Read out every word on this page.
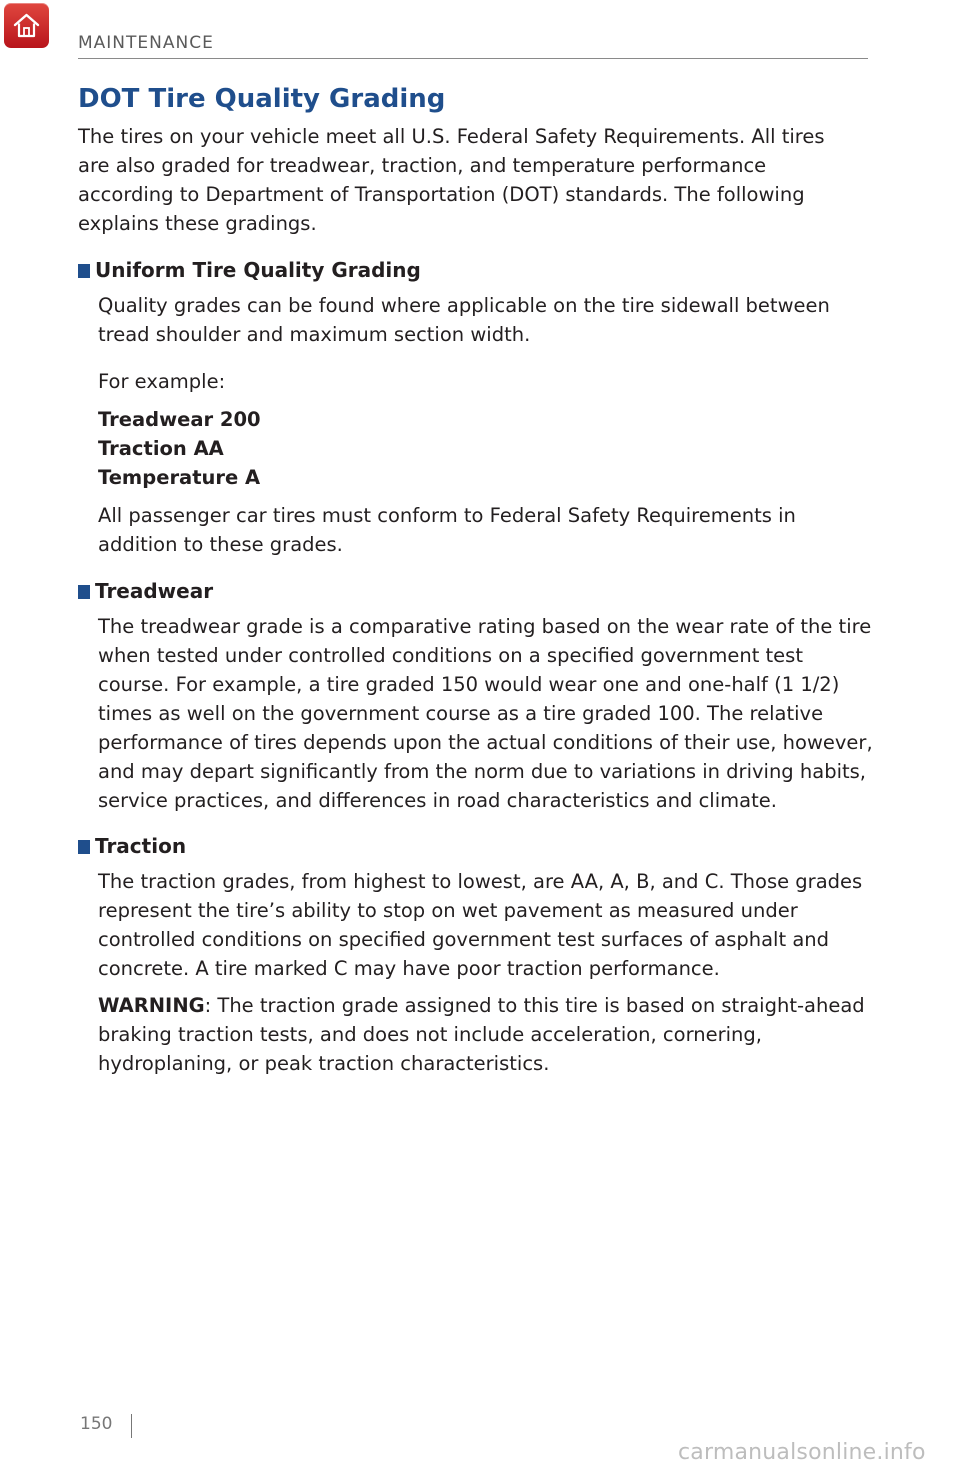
MAINTENANCE
DOT Tire Quality Grading

The tires on your vehicle meet all U.S. Federal Safety Requirements. All tires are also graded for treadwear, traction, and temperature performance according to Department of Transportation (DOT) standards. The following explains these gradings.

Uniform Tire Quality Grading

Quality grades can be found where applicable on the tire sidewall between tread shoulder and maximum section width.

For example:

Treadwear 200
Traction AA
Temperature A

All passenger car tires must conform to Federal Safety Requirements in addition to these grades.

Treadwear

The treadwear grade is a comparative rating based on the wear rate of the tire when tested under controlled conditions on a specified government test course. For example, a tire graded 150 would wear one and one-half (1 1/2) times as well on the government course as a tire graded 100. The relative performance of tires depends upon the actual conditions of their use, however, and may depart significantly from the norm due to variations in driving habits, service practices, and differences in road characteristics and climate.

Traction

The traction grades, from highest to lowest, are AA, A, B, and C. Those grades represent the tire’s ability to stop on wet pavement as measured under controlled conditions on specified government test surfaces of asphalt and concrete. A tire marked C may have poor traction performance.

WARNING: The traction grade assigned to this tire is based on straight-ahead braking traction tests, and does not include acceleration, cornering, hydroplaning, or peak traction characteristics.

150
carmanualsonline.info
